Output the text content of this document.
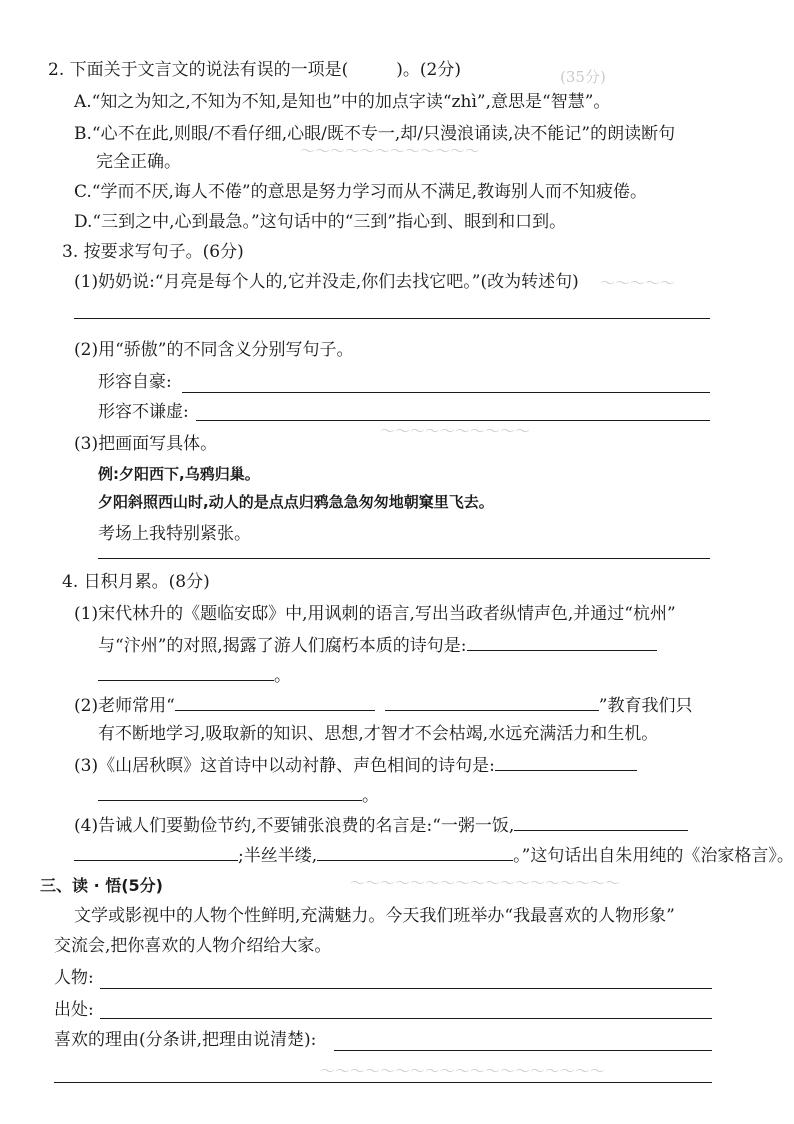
(35分)
～～～～～～～～～～～～
～～～～～
～～～～～～～～～～
～～～～～～～～～～～～～～～～～～
～～～～～～～～～～～～～～～～～～～
2. 下面关于文言文的说法有误的一项是(	)。(2分)
A.“知之为知之,不知为不知,是知也”中的加点字读“zhì”,意思是“智慧”。
B.“心不在此,则眼/不看仔细,心眼/既不专一,却/只漫浪诵读,决不能记”的朗读断句
完全正确。
C.“学而不厌,诲人不倦”的意思是努力学习而从不满足,教诲别人而不知疲倦。
D.“三到之中,心到最急。”这句话中的“三到”指心到、眼到和口到。
3. 按要求写句子。(6分)
(1)奶奶说:“月亮是每个人的,它并没走,你们去找它吧。”(改为转述句)
(2)用“骄傲”的不同含义分别写句子。
形容自豪:
形容不谦虚:
(3)把画面写具体。
例:夕阳西下,乌鸦归巢。
夕阳斜照西山时,动人的是点点归鸦急急匆匆地朝窠里飞去。
考场上我特别紧张。
4. 日积月累。(8分)
(1)宋代林升的《题临安邸》中,用讽刺的语言,写出当政者纵情声色,并通过“杭州”
与“汴州”的对照,揭露了游人们腐朽本质的诗句是:
。
(2)老师常用“	”教育我们只
有不断地学习,吸取新的知识、思想,才智才不会枯竭,水远充满活力和生机。
(3)《山居秋暝》这首诗中以动衬静、声色相间的诗句是:
。
(4)告诫人们要勤俭节约,不要铺张浪费的名言是:“一粥一饭,
;半丝半缕,	。”这句话出自朱用纯的《治家格言》。
三、读 · 悟(5分)
文学或影视中的人物个性鲜明,充满魅力。今天我们班举办“我最喜欢的人物形象”
交流会,把你喜欢的人物介绍给大家。
人物:
出处:
喜欢的理由(分条讲,把理由说清楚):
